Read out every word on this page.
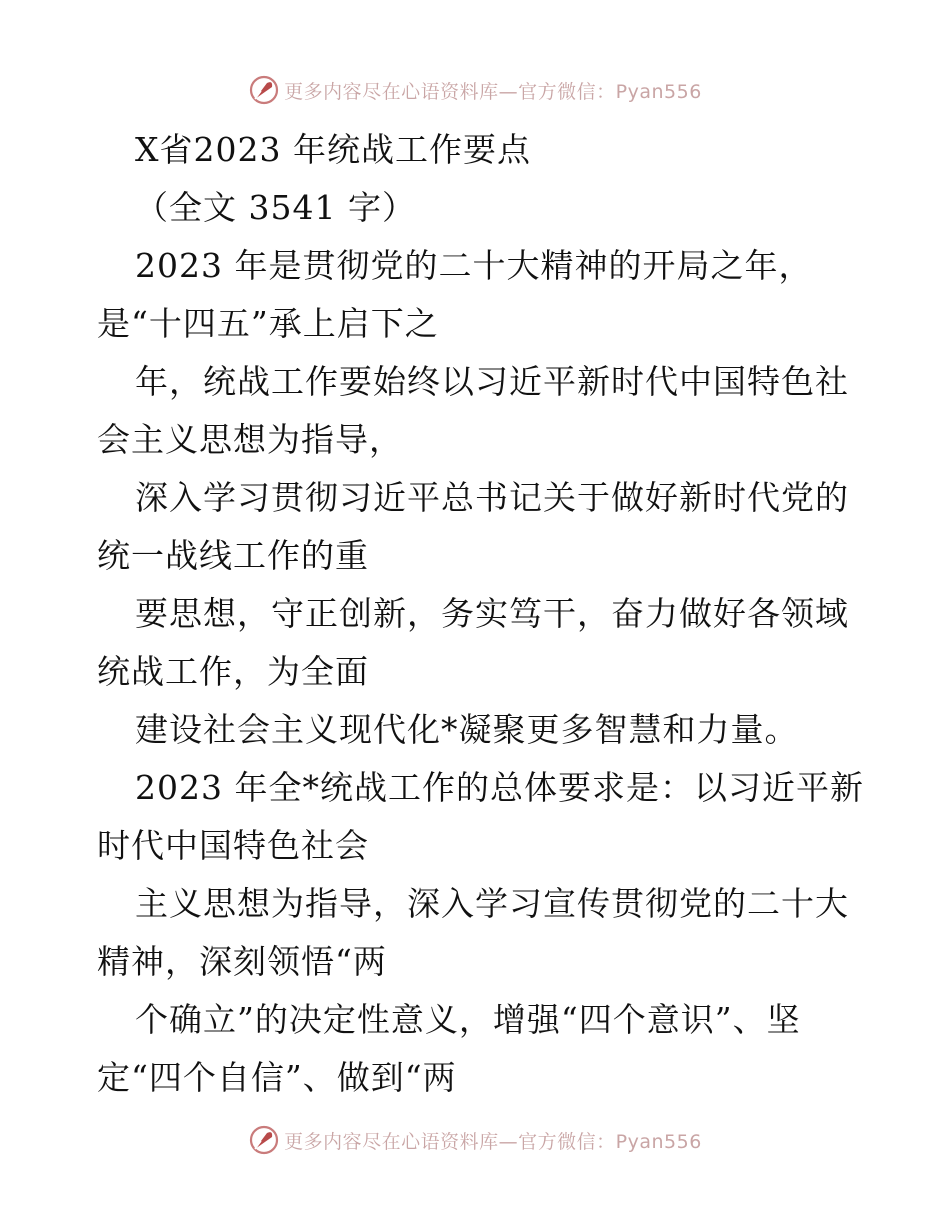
更多内容尽在心语资料库—官方微信：Pyan556
X省2023 年统战工作要点
（全文 3541 字）
2023 年是贯彻党的二十大精神的开局之年，
是“十四五”承上启下之
年，统战工作要始终以习近平新时代中国特色社
会主义思想为指导，
深入学习贯彻习近平总书记关于做好新时代党的
统一战线工作的重
要思想，守正创新，务实笃干，奋力做好各领域
统战工作，为全面
建设社会主义现代化*凝聚更多智慧和力量。
2023 年全*统战工作的总体要求是：以习近平新
时代中国特色社会
主义思想为指导，深入学习宣传贯彻党的二十大
精神，深刻领悟“两
个确立”的决定性意义，增强“四个意识”、坚
定“四个自信”、做到“两
更多内容尽在心语资料库—官方微信：Pyan556
